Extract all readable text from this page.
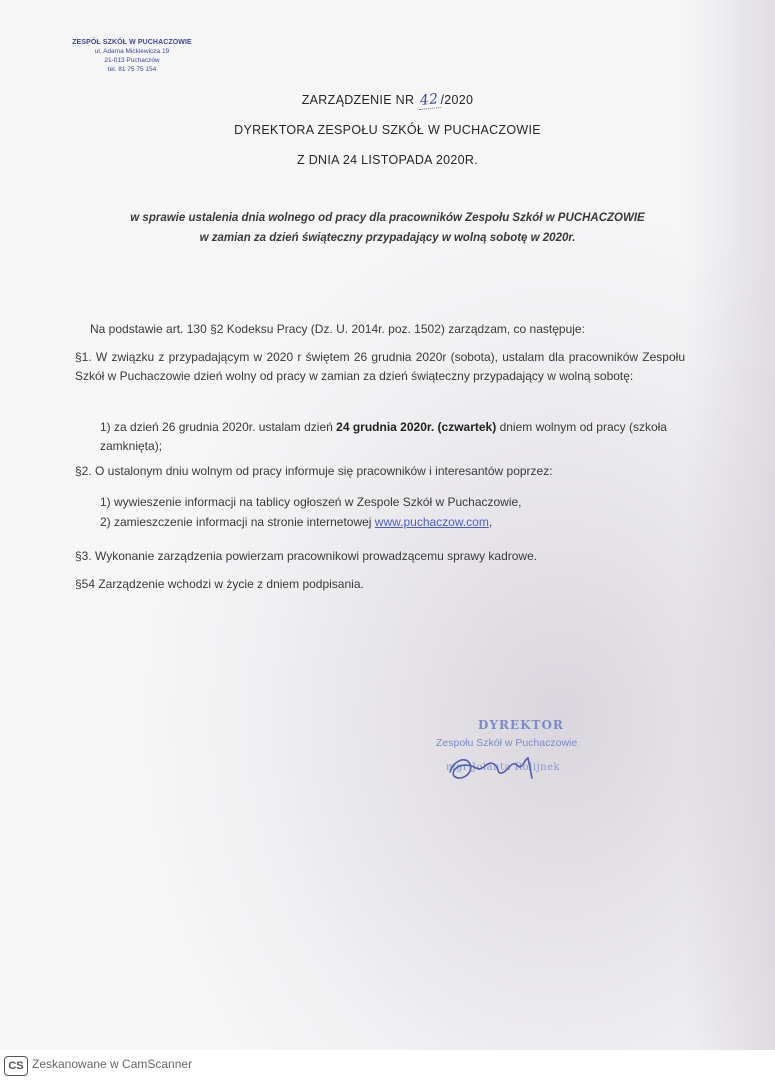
ZESPÓŁ SZKÓŁ W PUCHACZOWIE
ul. Adama Mickiewicza 19
21-013 Puchaczów
tel. 81 75 75 154
ZARZĄDZENIE NR 42/2020
DYREKTORA ZESPOŁU SZKÓŁ W PUCHACZOWIE
Z DNIA 24 LISTOPADA 2020R.
w sprawie ustalenia dnia wolnego od pracy dla pracowników Zespołu Szkół w PUCHACZOWIE
w zamian za dzień świąteczny przypadający w wolną sobotę w 2020r.
Na podstawie art. 130 §2 Kodeksu Pracy (Dz. U. 2014r. poz. 1502) zarządzam, co następuje:
§1. W związku z przypadającym w 2020 r świętem 26 grudnia 2020r (sobota), ustalam dla pracowników Zespołu Szkół w Puchaczowie dzień wolny od pracy w zamian za dzień świąteczny przypadający w wolną sobotę:
1) za dzień 26 grudnia 2020r. ustalam dzień 24 grudnia 2020r. (czwartek) dniem wolnym od pracy (szkoła zamknięta);
§2. O ustalonym dniu wolnym od pracy informuje się pracowników i interesantów poprzez:
1) wywieszenie informacji na tablicy ogłoszeń w Zespole Szkół w Puchaczowie,
2) zamieszczenie informacji na stronie internetowej www.puchaczow.com,
§3. Wykonanie zarządzenia powierzam pracownikowi prowadzącemu sprawy kadrowe.
§54 Zarządzenie wchodzi w życie z dniem podpisania.
DYREKTOR
Zespołu Szkół w Puchaczowie
mgr Jolanta Rolijnek
CS Zeskanowane w CamScanner
